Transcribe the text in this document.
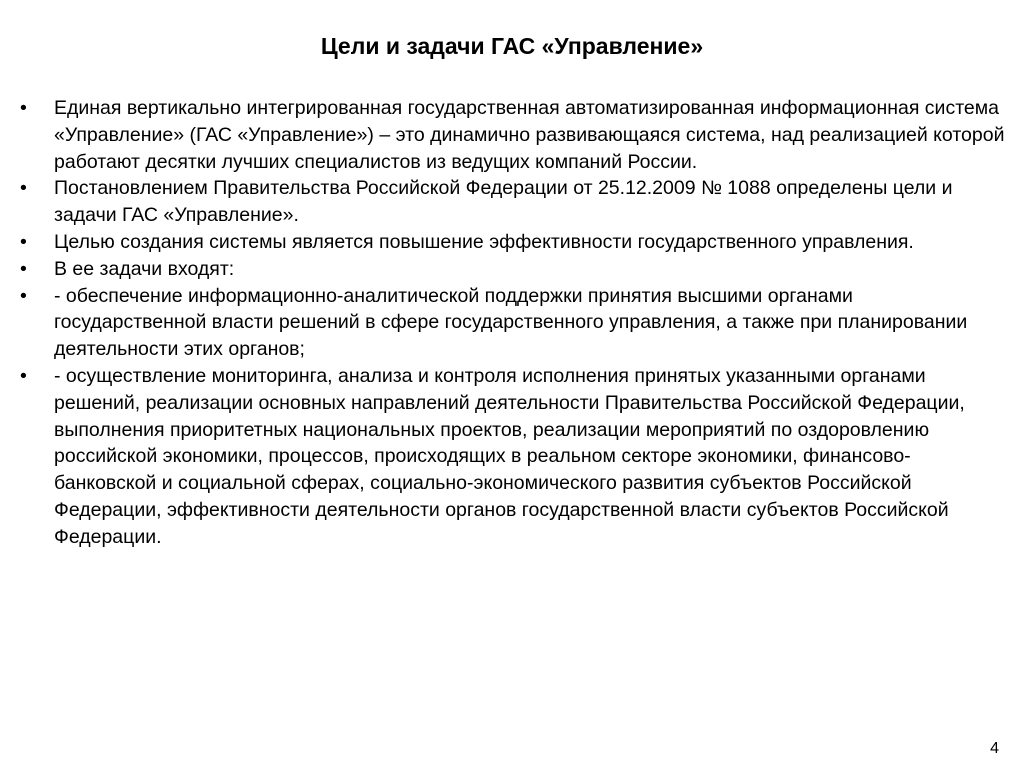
Цели и задачи ГАС «Управление»
•	Единая вертикально интегрированная государственная автоматизированная информационная система «Управление» (ГАС «Управление») – это динамично развивающаяся система, над реализацией которой работают десятки лучших специалистов из ведущих компаний России.
•	Постановлением Правительства Российской Федерации от 25.12.2009 № 1088 определены цели и задачи ГАС «Управление».
•	Целью создания системы является повышение эффективности государственного управления.
•	В ее задачи входят:
•	- обеспечение информационно-аналитической поддержки принятия высшими органами государственной власти решений в сфере государственного управления, а также при планировании деятельности этих органов;
•	- осуществление мониторинга, анализа и контроля исполнения принятых указанными органами решений, реализации основных направлений деятельности Правительства Российской Федерации, выполнения приоритетных национальных проектов, реализации мероприятий по оздоровлению российской экономики, процессов, происходящих в реальном секторе экономики, финансово-банковской и социальной сферах, социально-экономического развития субъектов Российской Федерации, эффективности деятельности органов государственной власти субъектов Российской Федерации.
4
